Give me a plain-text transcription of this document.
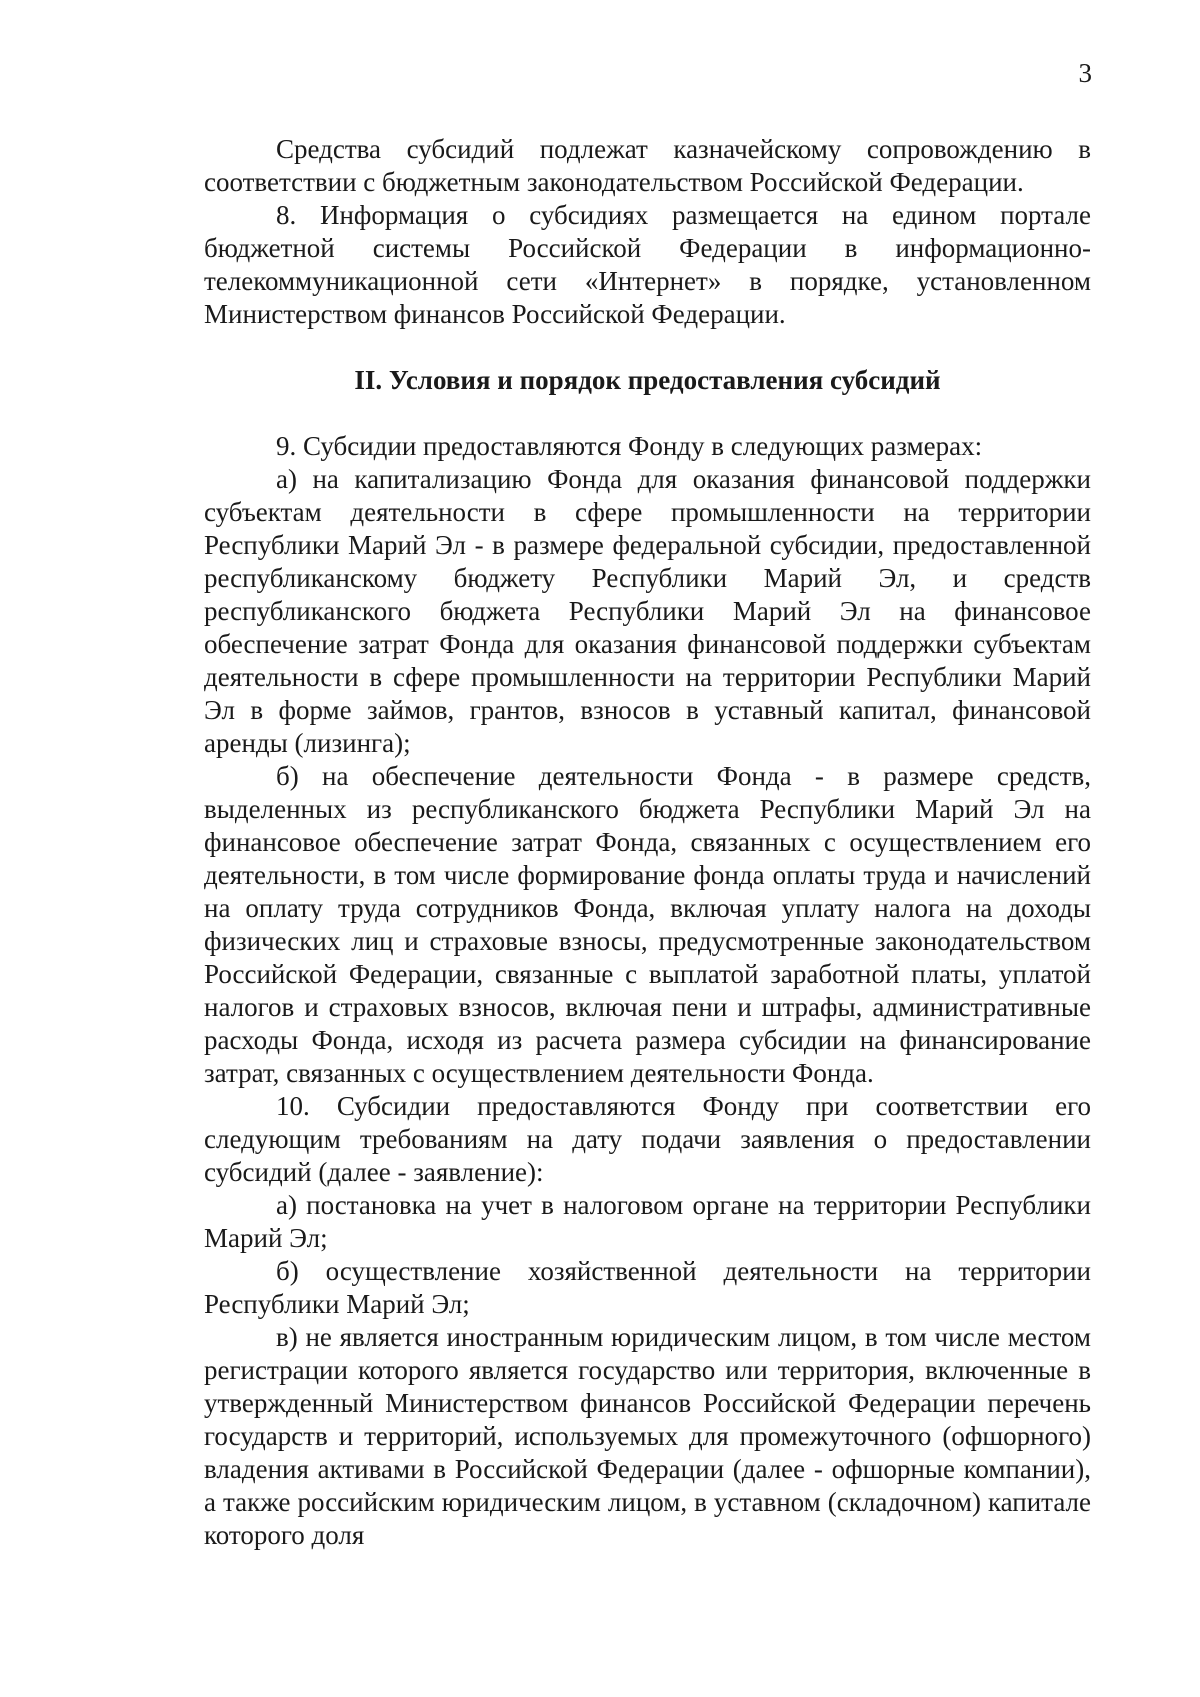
3

Средства субсидий подлежат казначейскому сопровождению в соответствии с бюджетным законодательством Российской Федерации.

8. Информация о субсидиях размещается на едином портале бюджетной системы Российской Федерации в информационно-телекоммуникационной сети «Интернет» в порядке, установленном Министерством финансов Российской Федерации.

II. Условия и порядок предоставления субсидий

9. Субсидии предоставляются Фонду в следующих размерах:

а) на капитализацию Фонда для оказания финансовой поддержки субъектам деятельности в сфере промышленности на территории Республики Марий Эл - в размере федеральной субсидии, предоставленной республиканскому бюджету Республики Марий Эл, и средств республиканского бюджета Республики Марий Эл на финансовое обеспечение затрат Фонда для оказания финансовой поддержки субъектам деятельности в сфере промышленности на территории Республики Марий Эл в форме займов, грантов, взносов в уставный капитал, финансовой аренды (лизинга);

б) на обеспечение деятельности Фонда - в размере средств, выделенных из республиканского бюджета Республики Марий Эл на финансовое обеспечение затрат Фонда, связанных с осуществлением его деятельности, в том числе формирование фонда оплаты труда и начислений на оплату труда сотрудников Фонда, включая уплату налога на доходы физических лиц и страховые взносы, предусмотренные законодательством Российской Федерации, связанные с выплатой заработной платы, уплатой налогов и страховых взносов, включая пени и штрафы, административные расходы Фонда, исходя из расчета размера субсидии на финансирование затрат, связанных с осуществлением деятельности Фонда.

10. Субсидии предоставляются Фонду при соответствии его следующим требованиям на дату подачи заявления о предоставлении субсидий (далее - заявление):

а) постановка на учет в налоговом органе на территории Республики Марий Эл;

б) осуществление хозяйственной деятельности на территории Республики Марий Эл;

в) не является иностранным юридическим лицом, в том числе местом регистрации которого является государство или территория, включенные в утвержденный Министерством финансов Российской Федерации перечень государств и территорий, используемых для промежуточного (офшорного) владения активами в Российской Федерации (далее - офшорные компании), а также российским юридическим лицом, в уставном (складочном) капитале которого доля
